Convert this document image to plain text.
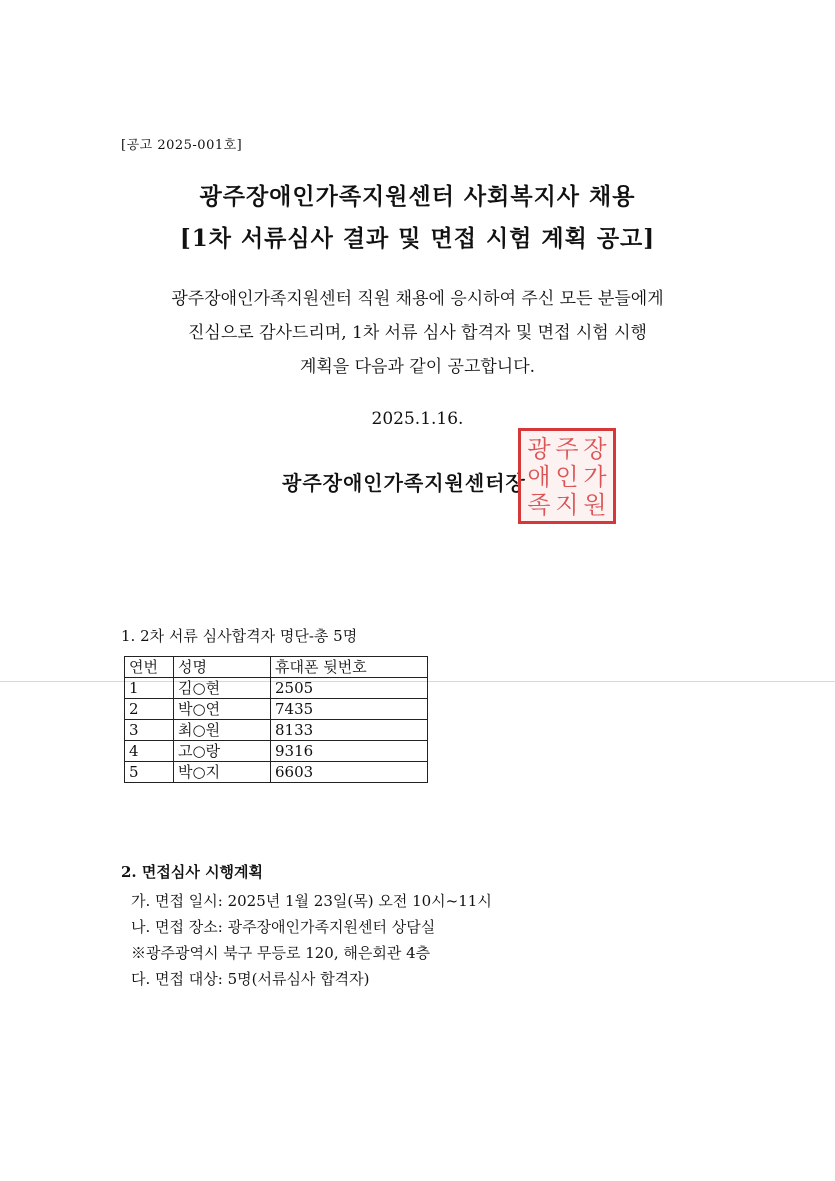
[공고 2025-001호]
광주장애인가족지원센터 사회복지사 채용
[1차 서류심사 결과 및 면접 시험 계획 공고]
광주장애인가족지원센터 직원 채용에 응시하여 주신 모든 분들에게
진심으로 감사드리며, 1차 서류 심사 합격자 및 면접 시험 시행
계획을 다음과 같이 공고합니다.
2025.1.16.
광주장애인가족지원센터장
광 주 장
애 인 가
족 지 원
1. 2차 서류 심사합격자 명단-총 5명
연번	성명	휴대폰 뒷번호
1	김○현	2505
2	박○연	7435
3	최○원	8133
4	고○랑	9316
5	박○지	6603
2. 면접심사 시행계획
가. 면접 일시: 2025년 1월 23일(목) 오전 10시~11시
나. 면접 장소: 광주장애인가족지원센터 상담실
※광주광역시 북구 무등로 120, 해은회관 4층
다. 면접 대상: 5명(서류심사 합격자)
